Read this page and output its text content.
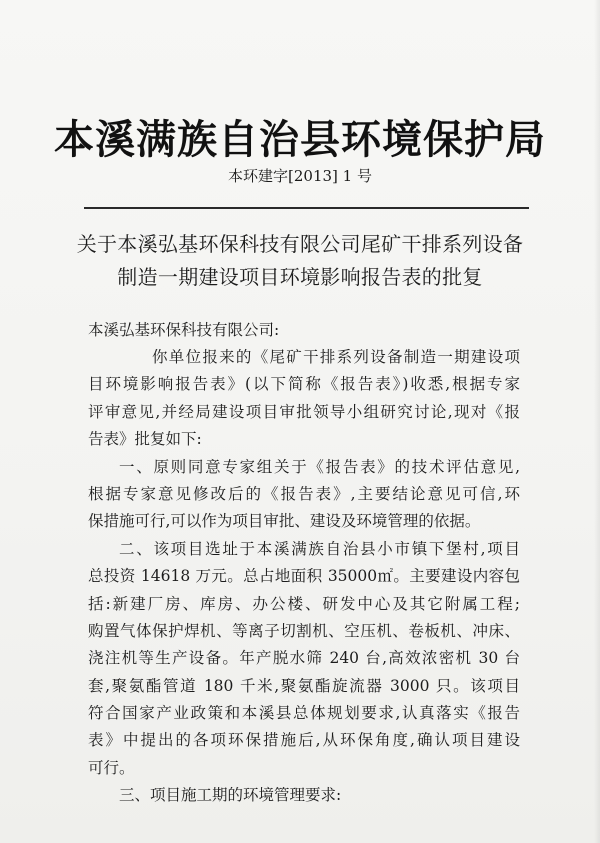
本溪满族自治县环境保护局
本环建字[2013] 1 号
关于本溪弘基环保科技有限公司尾矿干排系列设备
制造一期建设项目环境影响报告表的批复
本溪弘基环保科技有限公司:
你单位报来的《尾矿干排系列设备制造一期建设项
目环境影响报告表》(以下简称《报告表》)收悉,根据专家
评审意见,并经局建设项目审批领导小组研究讨论,现对《报
告表》批复如下:
一、原则同意专家组关于《报告表》的技术评估意见,
根据专家意见修改后的《报告表》,主要结论意见可信,环
保措施可行,可以作为项目审批、建设及环境管理的依据。
二、该项目选址于本溪满族自治县小市镇下堡村,项目
总投资 14618 万元。总占地面积 35000㎡。主要建设内容包
括:新建厂房、库房、办公楼、研发中心及其它附属工程;
购置气体保护焊机、等离子切割机、空压机、卷板机、冲床、
浇注机等生产设备。年产脱水筛 240 台,高效浓密机 30 台
套,聚氨酯管道 180 千米,聚氨酯旋流器 3000 只。该项目
符合国家产业政策和本溪县总体规划要求,认真落实《报告
表》中提出的各项环保措施后,从环保角度,确认项目建设
可行。
三、项目施工期的环境管理要求:
